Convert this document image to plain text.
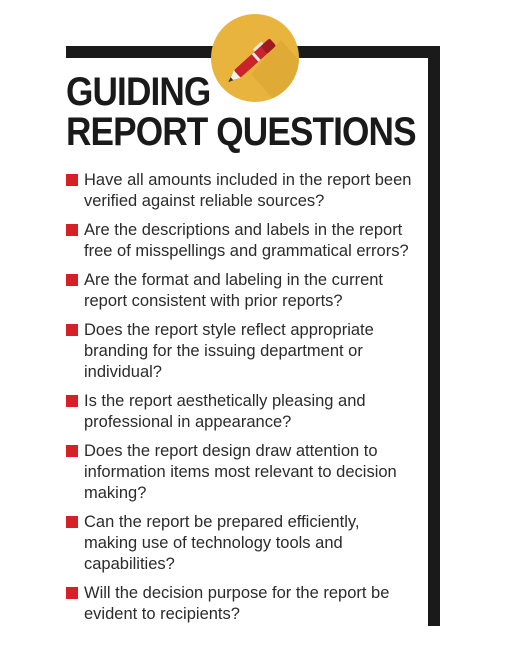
GUIDING
REPORT QUESTIONS
Have all amounts included in the report been verified against reliable sources?
Are the descriptions and labels in the report free of misspellings and grammatical errors?
Are the format and labeling in the current report consistent with prior reports?
Does the report style reflect appropriate branding for the issuing department or individual?
Is the report aesthetically pleasing and professional in appearance?
Does the report design draw attention to information items most relevant to decision making?
Can the report be prepared efficiently, making use of technology tools and capabilities?
Will the decision purpose for the report be evident to recipients?
